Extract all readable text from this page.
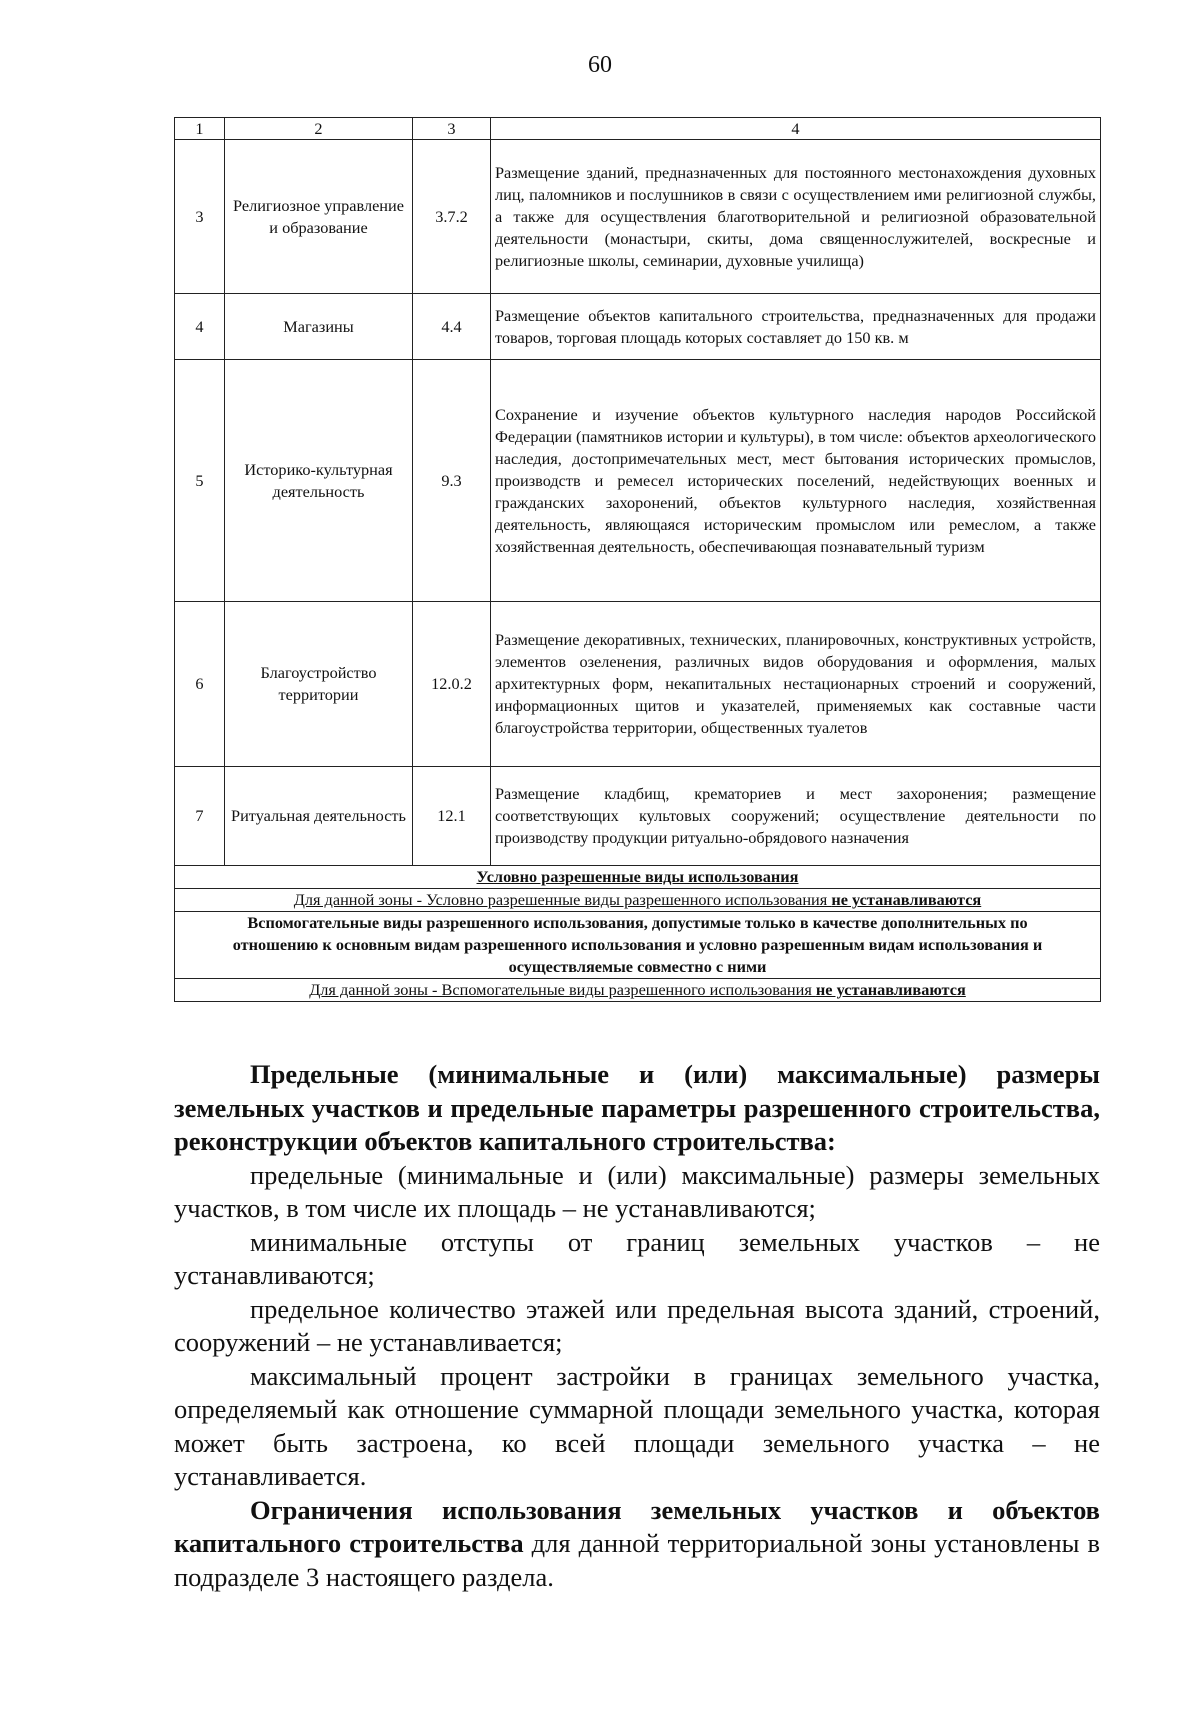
60
1	2	3	4
3	Религиозное управление и образование	3.7.2	Размещение зданий, предназначенных для постоянного местонахождения духовных лиц, паломников и послушников в связи с осуществлением ими религиозной службы, а также для осуществления благотворительной и религиозной образовательной деятельности (монастыри, скиты, дома священнослужителей, воскресные и религиозные школы, семинарии, духовные училища)
4	Магазины	4.4	Размещение объектов капитального строительства, предназначенных для продажи товаров, торговая площадь которых составляет до 150 кв. м
5	Историко-культурная деятельность	9.3	Сохранение и изучение объектов культурного наследия народов Российской Федерации (памятников истории и культуры), в том числе: объектов археологического наследия, достопримечательных мест, мест бытования исторических промыслов, производств и ремесел исторических поселений, недействующих военных и гражданских захоронений, объектов культурного наследия, хозяйственная деятельность, являющаяся историческим промыслом или ремеслом, а также хозяйственная деятельность, обеспечивающая познавательный туризм
6	Благоустройство территории	12.0.2	Размещение декоративных, технических, планировочных, конструктивных устройств, элементов озеленения, различных видов оборудования и оформления, малых архитектурных форм, некапитальных нестационарных строений и сооружений, информационных щитов и указателей, применяемых как составные части благоустройства территории, общественных туалетов
7	Ритуальная деятельность	12.1	Размещение кладбищ, крематориев и мест захоронения; размещение соответствующих культовых сооружений; осуществление деятельности по производству продукции ритуально-обрядового назначения
Условно разрешенные виды использования			
Для данной зоны - Условно разрешенные виды разрешенного использования не устанавливаются			
Вспомогательные виды разрешенного использования, допустимые только в качестве дополнительных по отношению к основным видам разрешенного использования и условно разрешенным видам использования и осуществляемые совместно с ними			
Для данной зоны - Вспомогательные виды разрешенного использования не устанавливаются			

Предельные (минимальные и (или) максимальные) размеры земельных участков и предельные параметры разрешенного строительства, реконструкции объектов капитального строительства:

предельные (минимальные и (или) максимальные) размеры земельных участков, в том числе их площадь – не устанавливаются;

минимальные отступы от границ земельных участков – не устанавливаются;

предельное количество этажей или предельная высота зданий, строений, сооружений – не устанавливается;

максимальный процент застройки в границах земельного участка, определяемый как отношение суммарной площади земельного участка, которая может быть застроена, ко всей площади земельного участка – не устанавливается.

Ограничения использования земельных участков и объектов капитального строительства для данной территориальной зоны установлены в подразделе 3 настоящего раздела.
